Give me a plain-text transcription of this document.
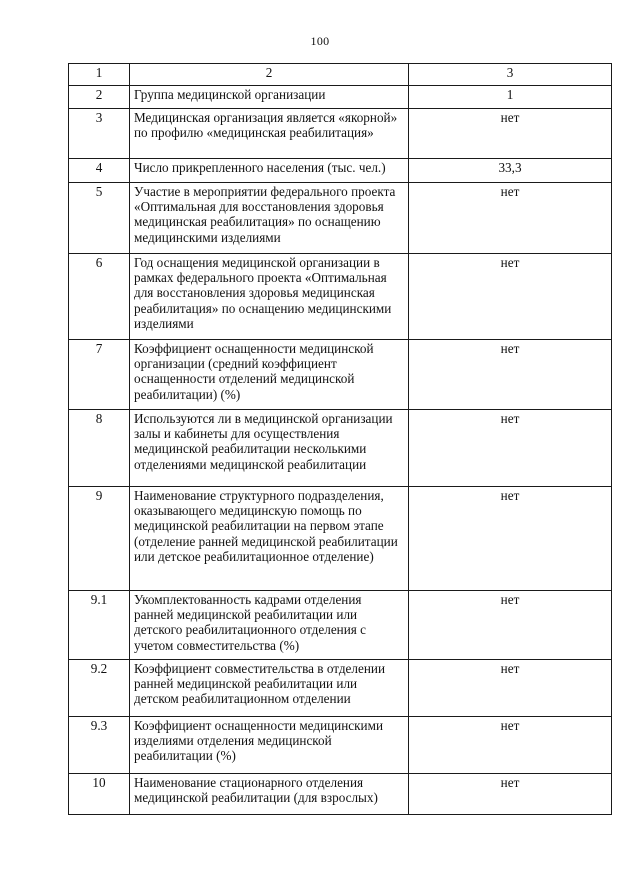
100
1	2	3
2	Группа медицинской организации	1
3	Медицинская организация является «якорной» по профилю «медицинская реабилитация»	нет
4	Число прикрепленного населения (тыс. чел.)	33,3
5	Участие в мероприятии федерального проекта «Оптимальная для восстановления здоровья медицинская реабилитация» по оснащению медицинскими изделиями	нет
6	Год оснащения медицинской организации в рамках федерального проекта «Оптимальная для восстановления здоровья медицинская реабилитация» по оснащению медицинскими изделиями	нет
7	Коэффициент оснащенности медицинской организации (средний коэффициент оснащенности отделений медицинской реабилитации) (%)	нет
8	Используются ли в медицинской организации залы и кабинеты для осуществления медицинской реабилитации несколькими отделениями медицинской реабилитации	нет
9	Наименование структурного подразделения, оказывающего медицинскую помощь по медицинской реабилитации на первом этапе (отделение ранней медицинской реабилитации или детское реабилитационное отделение)	нет
9.1	Укомплектованность кадрами отделения ранней медицинской реабилитации или детского реабилитационного отделения с учетом совместительства (%)	нет
9.2	Коэффициент совместительства в отделении ранней медицинской реабилитации или детском реабилитационном отделении	нет
9.3	Коэффициент оснащенности медицинскими изделиями отделения медицинской реабилитации (%)	нет
10	Наименование стационарного отделения медицинской реабилитации (для взрослых)	нет
